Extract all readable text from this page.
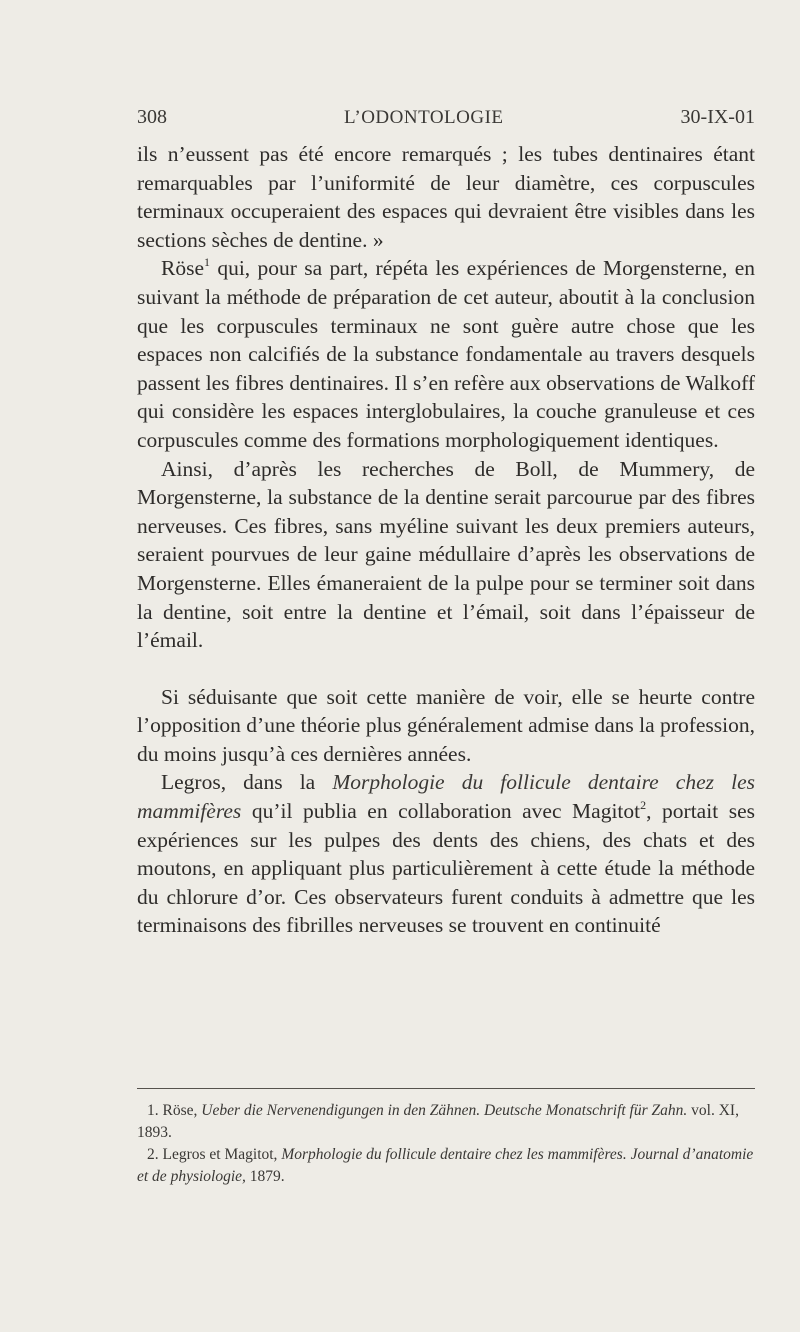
308	L’ODONTOLOGIE	30-IX-01

ils n’eussent pas été encore remarqués ; les tubes dentinaires étant remarquables par l’uniformité de leur diamètre, ces corpuscules terminaux occuperaient des espaces qui devraient être visibles dans les sections sèches de dentine. »

Röse$^1$ qui, pour sa part, répéta les expériences de Morgensterne, en suivant la méthode de préparation de cet auteur, aboutit à la conclusion que les corpuscules terminaux ne sont guère autre chose que les espaces non calcifiés de la substance fondamentale au travers desquels passent les fibres dentinaires. Il s’en refère aux observations de Walkoff qui considère les espaces interglobulaires, la couche granuleuse et ces corpuscules comme des formations morphologiquement identiques.

Ainsi, d’après les recherches de Boll, de Mummery, de Morgensterne, la substance de la dentine serait parcourue par des fibres nerveuses. Ces fibres, sans myéline suivant les deux premiers auteurs, seraient pourvues de leur gaine médullaire d’après les observations de Morgensterne. Elles émaneraient de la pulpe pour se terminer soit dans la dentine, soit entre la dentine et l’émail, soit dans l’épaisseur de l’émail.

Si séduisante que soit cette manière de voir, elle se heurte contre l’opposition d’une théorie plus généralement admise dans la profession, du moins jusqu’à ces dernières années.

Legros, dans la Morphologie du follicule dentaire chez les mammifères qu’il publia en collaboration avec Magitot$^2$, portait ses expériences sur les pulpes des dents des chiens, des chats et des moutons, en appliquant plus particulièrement à cette étude la méthode du chlorure d’or. Ces observateurs furent conduits à admettre que les terminaisons des fibrilles nerveuses se trouvent en continuité

1. Röse, Ueber die Nervenendigungen in den Zähnen. Deutsche Monatschrift für Zahn. vol. XI, 1893.

2. Legros et Magitot, Morphologie du follicule dentaire chez les mammifères. Journal d’anatomie et de physiologie, 1879.
